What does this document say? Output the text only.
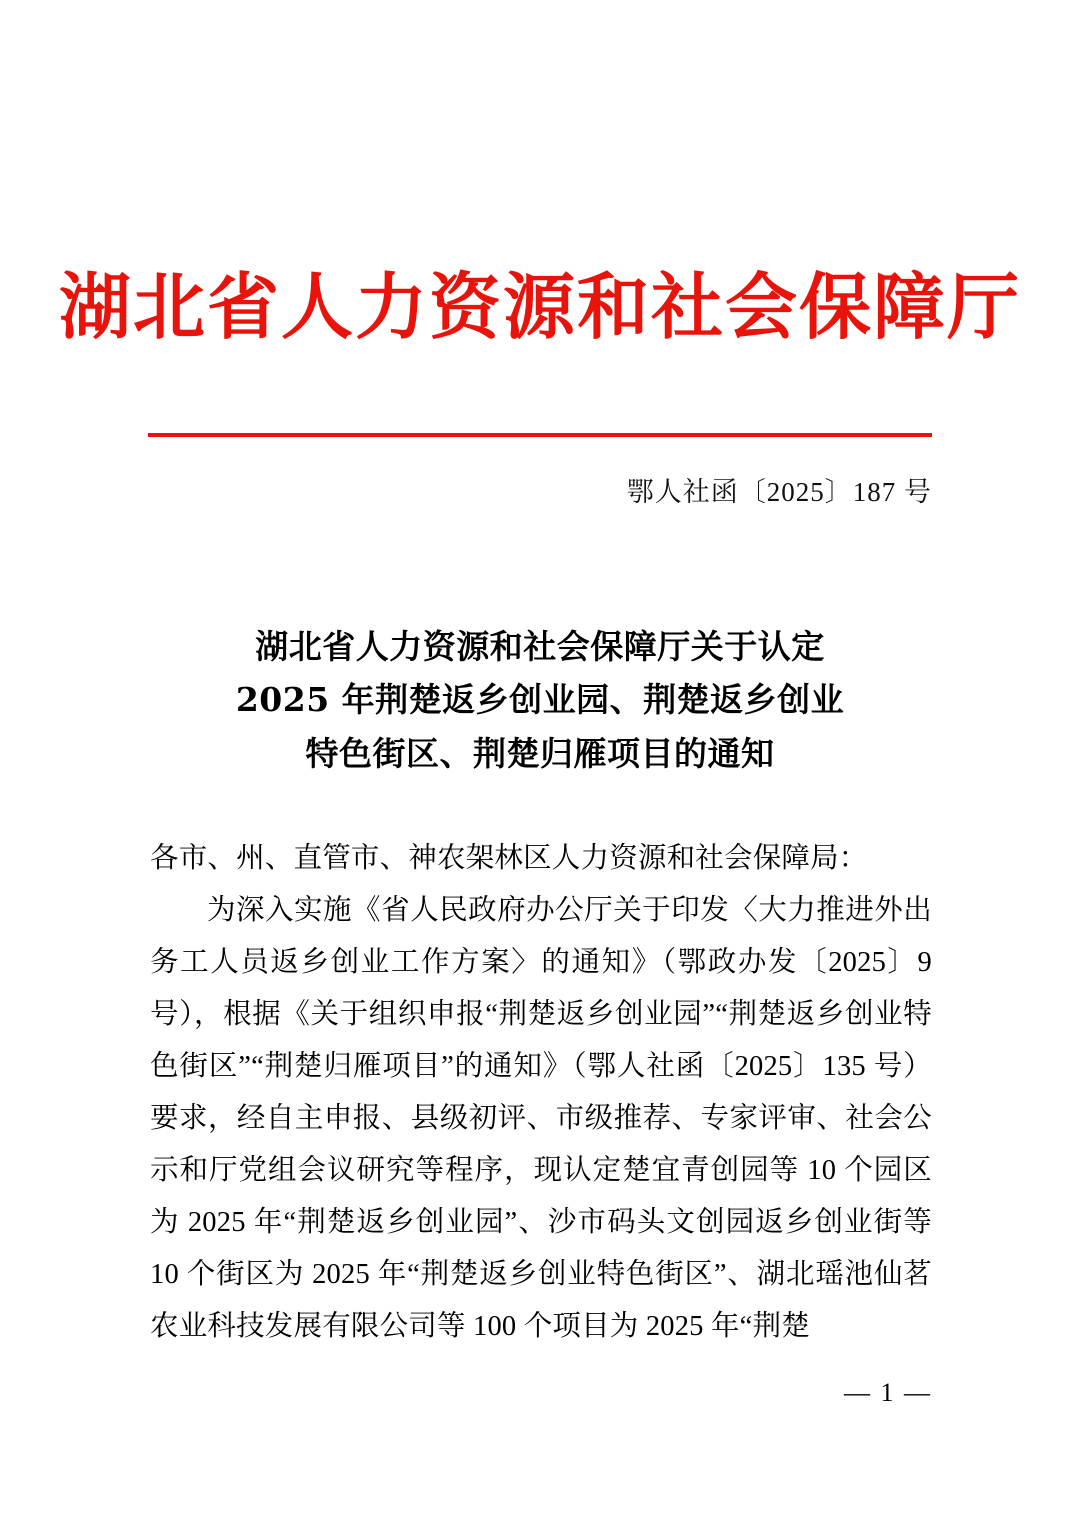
湖北省人力资源和社会保障厅
鄂人社函〔2025〕187 号
湖北省人力资源和社会保障厅关于认定
2025 年荆楚返乡创业园、荆楚返乡创业
特色街区、荆楚归雁项目的通知

各市、州、直管市、神农架林区人力资源和社会保障局：

为深入实施《省人民政府办公厅关于印发〈大力推进外出务工人员返乡创业工作方案〉的通知》（鄂政办发〔2025〕9 号），根据《关于组织申报“荆楚返乡创业园”“荆楚返乡创业特色街区”“荆楚归雁项目”的通知》（鄂人社函〔2025〕135 号）要求，经自主申报、县级初评、市级推荐、专家评审、社会公示和厅党组会议研究等程序，现认定楚宜青创园等 10 个园区为 2025 年“荆楚返乡创业园”、沙市码头文创园返乡创业街等 10 个街区为 2025 年“荆楚返乡创业特色街区”、湖北瑶池仙茗农业科技发展有限公司等 100 个项目为 2025 年“荆楚

— 1 —
